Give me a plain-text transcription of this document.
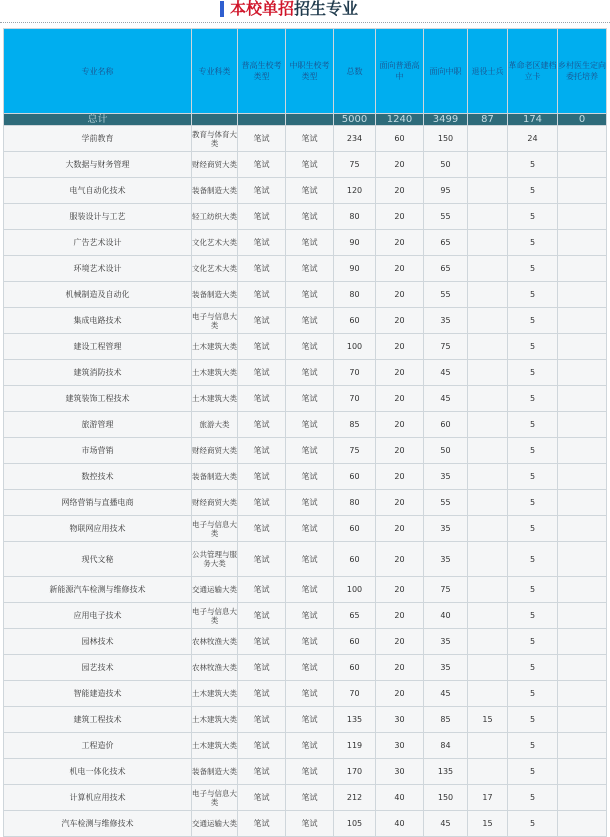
本校单招招生专业
专业名称	专业科类	普高生校考类型	中职生校考类型	总数	面向普通高中	面向中职	退役士兵	革命老区建档立卡	乡村医生定向委托培养
总计				5000	1240	3499	87	174	0
学前教育	教育与体育大类	笔试	笔试	234	60	150		24	
大数据与财务管理	财经商贸大类	笔试	笔试	75	20	50		5	
电气自动化技术	装备制造大类	笔试	笔试	120	20	95		5	
服装设计与工艺	轻工纺织大类	笔试	笔试	80	20	55		5	
广告艺术设计	文化艺术大类	笔试	笔试	90	20	65		5	
环境艺术设计	文化艺术大类	笔试	笔试	90	20	65		5	
机械制造及自动化	装备制造大类	笔试	笔试	80	20	55		5	
集成电路技术	电子与信息大类	笔试	笔试	60	20	35		5	
建设工程管理	土木建筑大类	笔试	笔试	100	20	75		5	
建筑消防技术	土木建筑大类	笔试	笔试	70	20	45		5	
建筑装饰工程技术	土木建筑大类	笔试	笔试	70	20	45		5	
旅游管理	旅游大类	笔试	笔试	85	20	60		5	
市场营销	财经商贸大类	笔试	笔试	75	20	50		5	
数控技术	装备制造大类	笔试	笔试	60	20	35		5	
网络营销与直播电商	财经商贸大类	笔试	笔试	80	20	55		5	
物联网应用技术	电子与信息大类	笔试	笔试	60	20	35		5	
现代文秘	公共管理与服务大类	笔试	笔试	60	20	35		5	
新能源汽车检测与维修技术	交通运输大类	笔试	笔试	100	20	75		5	
应用电子技术	电子与信息大类	笔试	笔试	65	20	40		5	
园林技术	农林牧渔大类	笔试	笔试	60	20	35		5	
园艺技术	农林牧渔大类	笔试	笔试	60	20	35		5	
智能建造技术	土木建筑大类	笔试	笔试	70	20	45		5	
建筑工程技术	土木建筑大类	笔试	笔试	135	30	85	15	5	
工程造价	土木建筑大类	笔试	笔试	119	30	84		5	
机电一体化技术	装备制造大类	笔试	笔试	170	30	135		5	
计算机应用技术	电子与信息大类	笔试	笔试	212	40	150	17	5	
汽车检测与维修技术	交通运输大类	笔试	笔试	105	40	45	15	5	
